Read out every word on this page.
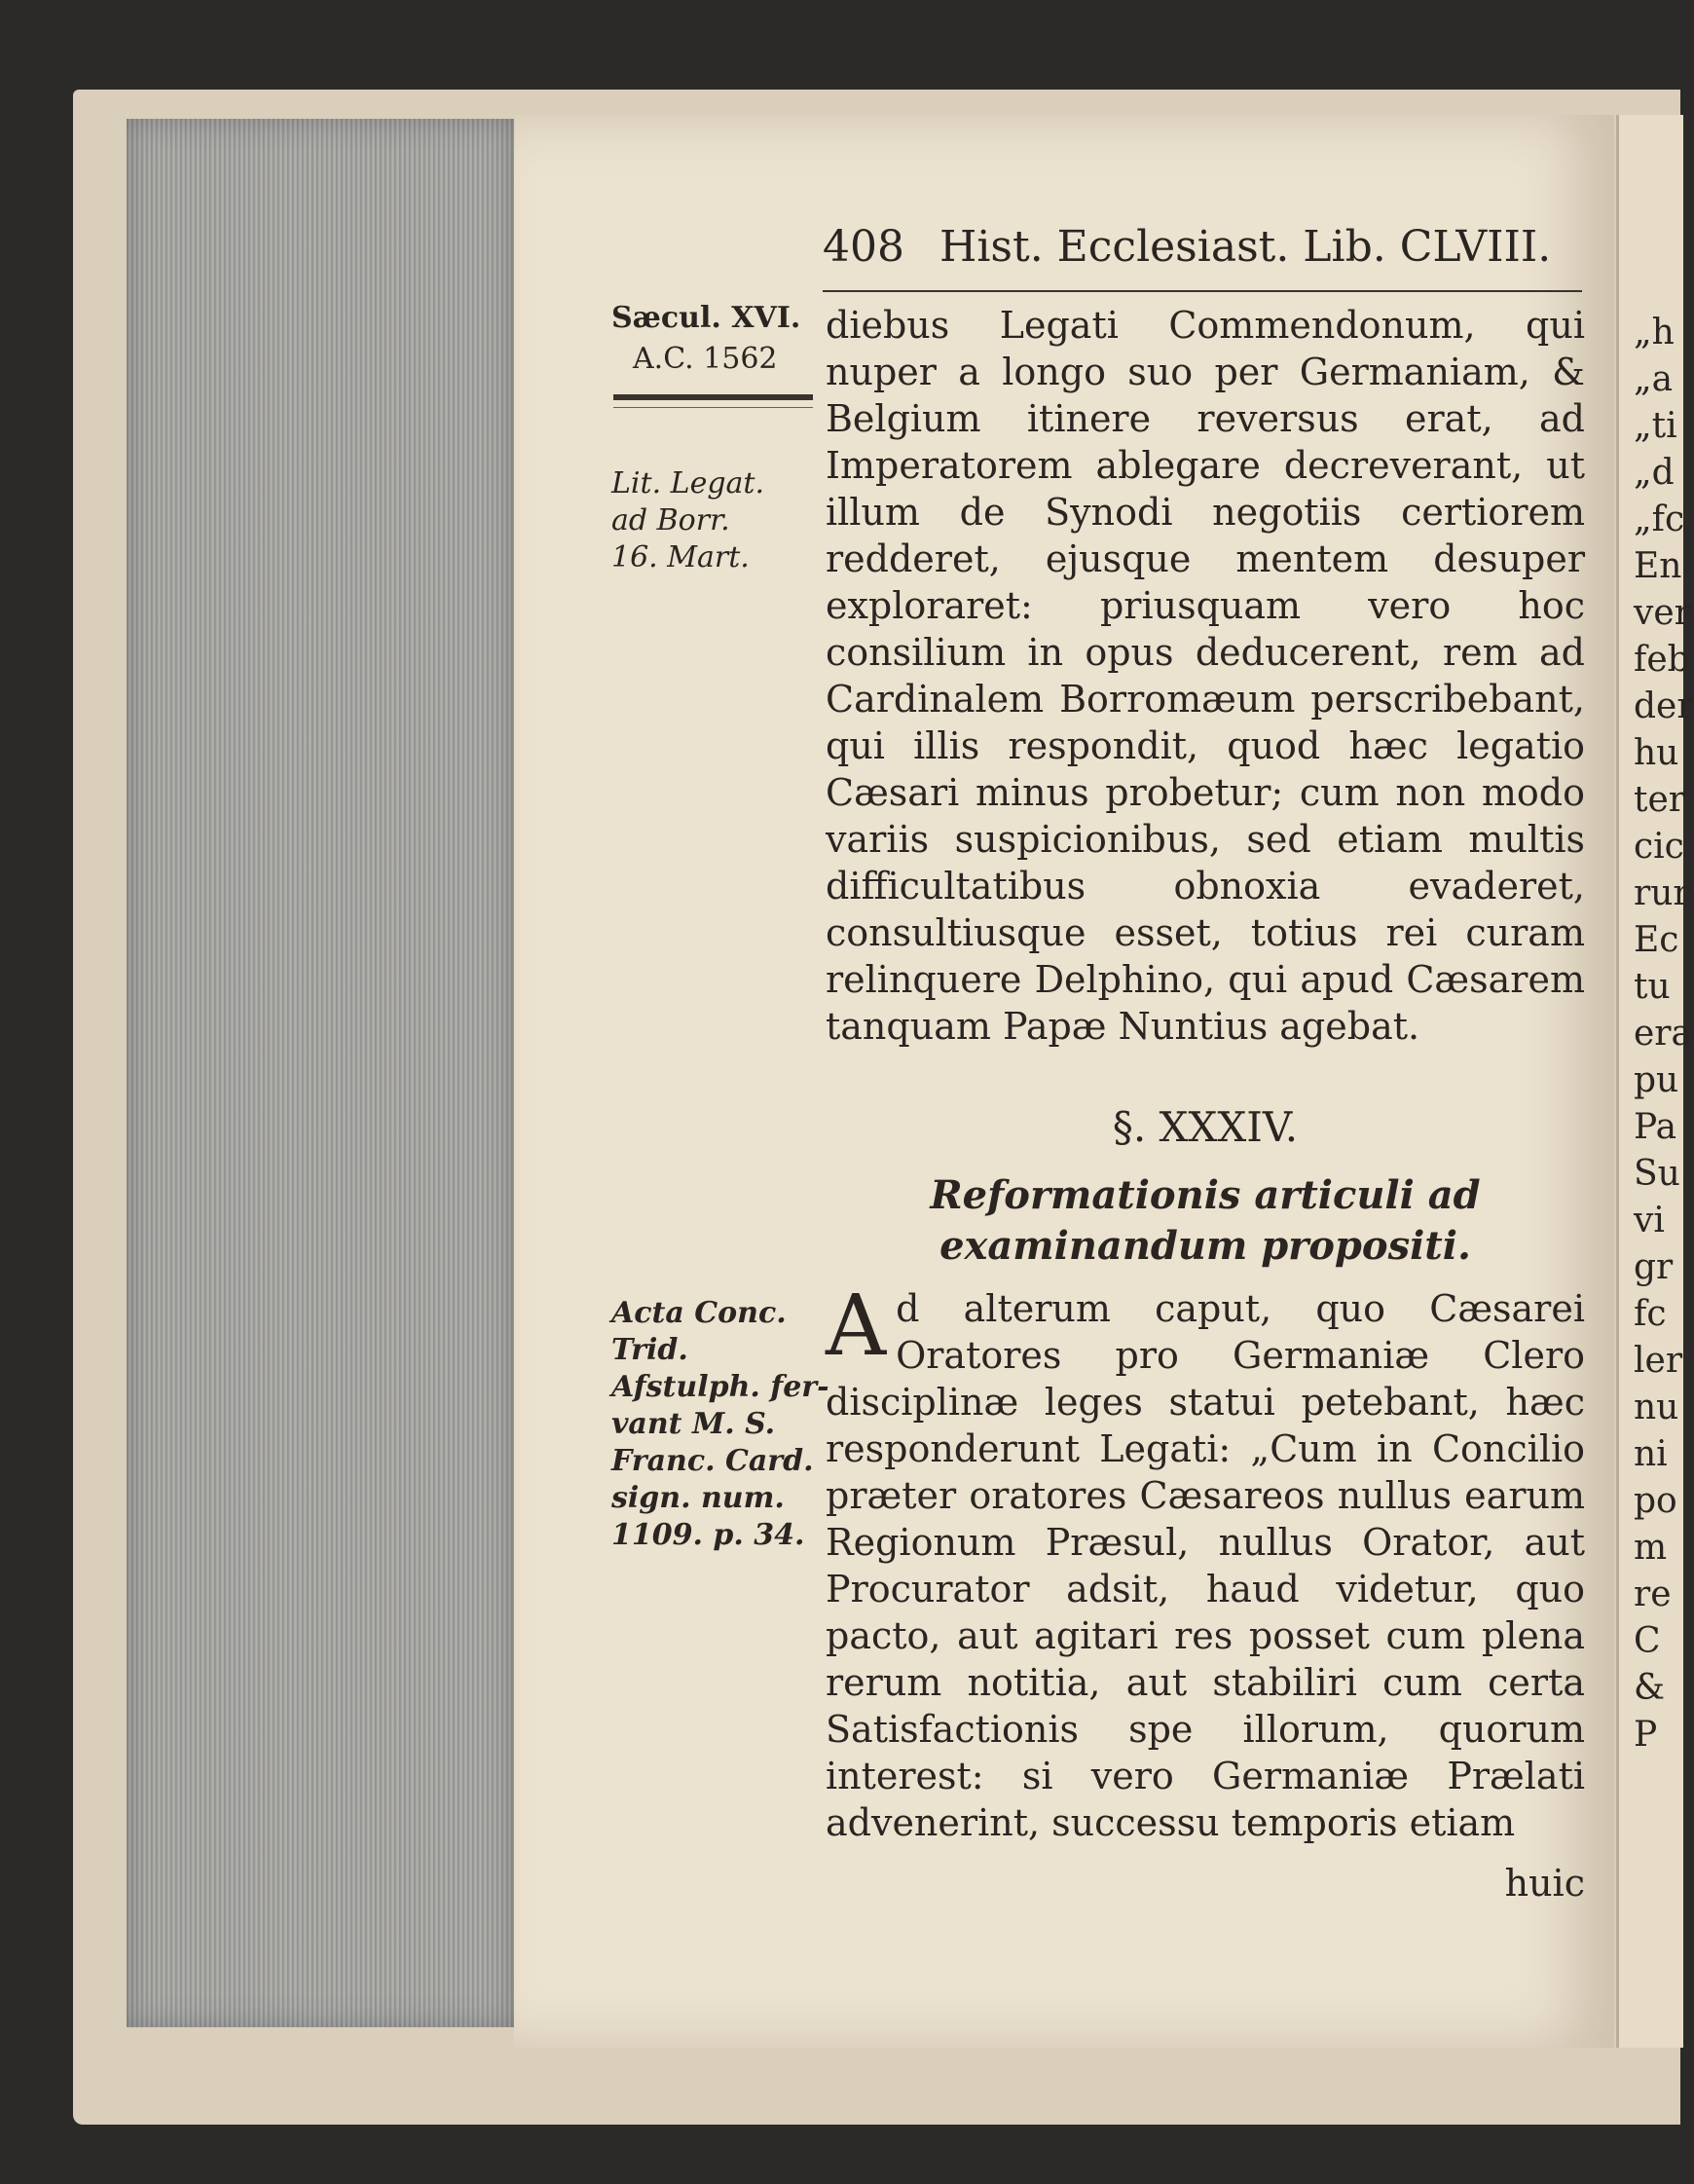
408 Hist. Ecclesiast. Lib. CLVIII.
Sæcul. XVI.
A.C. 1562
Lit. Legat.
ad Borr.
16. Mart.
Acta Conc.
Trid.
Afstulph. fer-
vant M. S.
Franc. Card.
sign. num.
1109. p. 34.
diebus Legati Commendonum, qui nuper a longo suo per Germaniam, & Belgium itinere reversus erat, ad Imperatorem ablegare decreverant, ut illum de Synodi negotiis certiorem redderet, ejusque mentem desuper exploraret: priusquam vero hoc consilium in opus deducerent, rem ad Cardinalem Borromæum perscribebant, qui illis respondit, quod hæc legatio Cæsari minus probetur; cum non modo variis suspicionibus, sed etiam multis difficultatibus obnoxia evaderet, consultiusque esset, totius rei curam relinquere Delphino, qui apud Cæsarem tanquam Papæ Nuntius agebat.
§. XXXIV.
Reformationis articuli ad examinandum propositi.
Ad alterum caput, quo Cæsarei Oratores pro Germaniæ Clero disciplinæ leges statui petebant, hæc responderunt Legati: „Cum in Concilio præter oratores Cæsareos nullus earum Regionum Præsul, nullus Orator, aut Procurator adsit, haud videtur, quo pacto, aut agitari res posset cum plena rerum notitia, aut stabiliri cum certa Satisfactionis spe illorum, quorum interest: si vero Germaniæ Prælati advenerint, successu temporis etiam
huic
„h
„a
„ti
„d
„fc
En
ver
feb
der
hu
ter
cic
rur
Ec
tu
era
pu
Pa
Su
vi
gr
fc
ler
nu
ni
po
m
re
C
&
P
